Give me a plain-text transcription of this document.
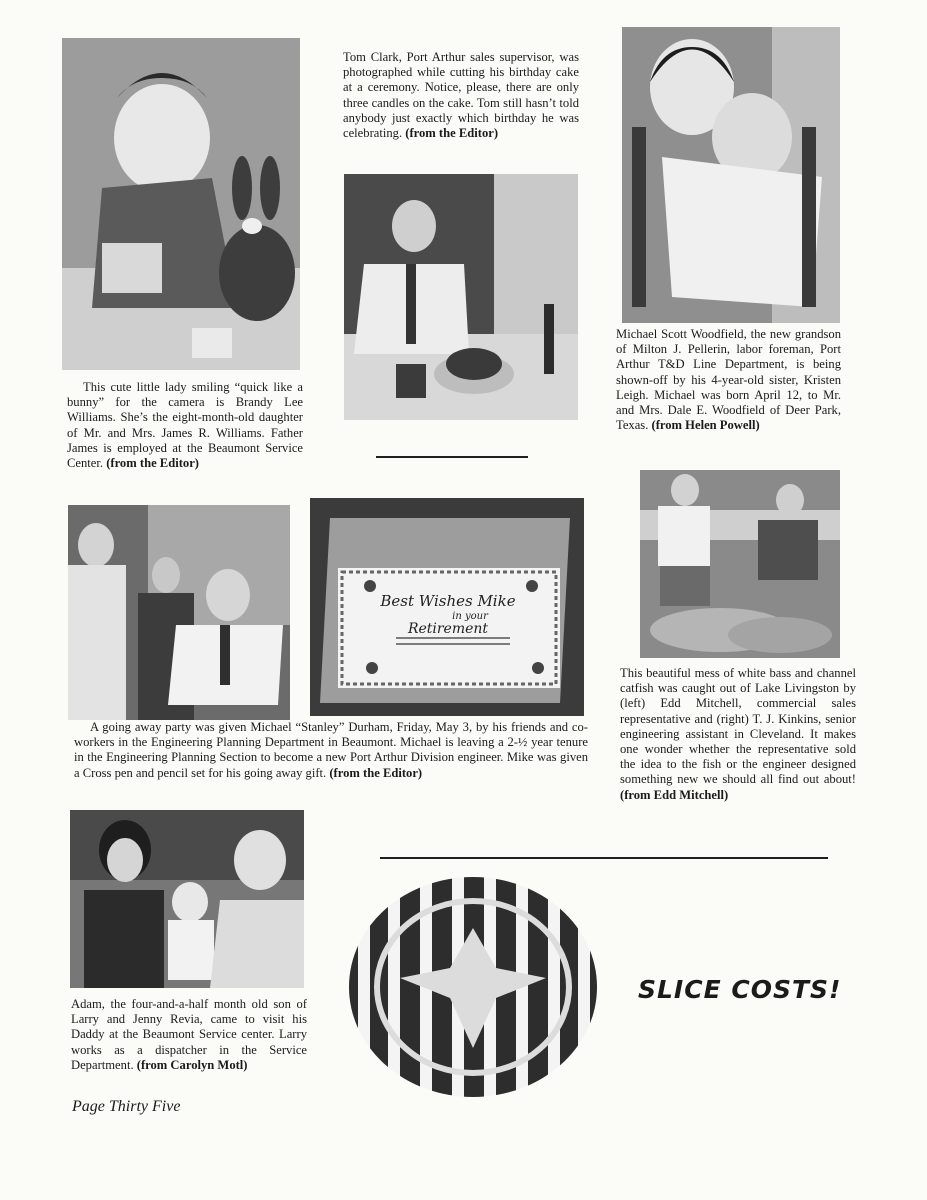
This cute little lady smiling “quick like a bunny” for the camera is Brandy Lee Williams. She’s the eight-month-old daughter of Mr. and Mrs. James R. Williams. Father James is employed at the Beaumont Service Center. (from the Editor)
Tom Clark, Port Arthur sales supervisor, was photographed while cutting his birthday cake at a ceremony. Notice, please, there are only three candles on the cake. Tom still hasn’t told anybody just exactly which birthday he was celebrating. (from the Editor)
Michael Scott Woodfield, the new grandson of Milton J. Pellerin, labor foreman, Port Arthur T&D Line Department, is being shown-off by his 4-year-old sister, Kristen Leigh. Michael was born April 12, to Mr. and Mrs. Dale E. Woodfield of Deer Park, Texas. (from Helen Powell)
Best Wishes Mike
in your
Retirement
A going away party was given Michael “Stanley” Durham, Friday, May 3, by his friends and co-workers in the Engineering Planning Department in Beaumont. Michael is leaving a 2-½ year tenure in the Engineering Planning Section to become a new Port Arthur Division engineer. Mike was given a Cross pen and pencil set for his going away gift. (from the Editor)
This beautiful mess of white bass and channel catfish was caught out of Lake Livingston by (left) Edd Mitchell, commercial sales representative and (right) T. J. Kinkins, senior engineering assistant in Cleveland. It makes one wonder whether the representative sold the idea to the fish or the engineer designed something new we should all find out about! (from Edd Mitchell)
Adam, the four-and-a-half month old son of Larry and Jenny Revia, came to visit his Daddy at the Beaumont Service center. Larry works as a dispatcher in the Service Department. (from Carolyn Motl)
Page Thirty Five
SLICE COSTS!
